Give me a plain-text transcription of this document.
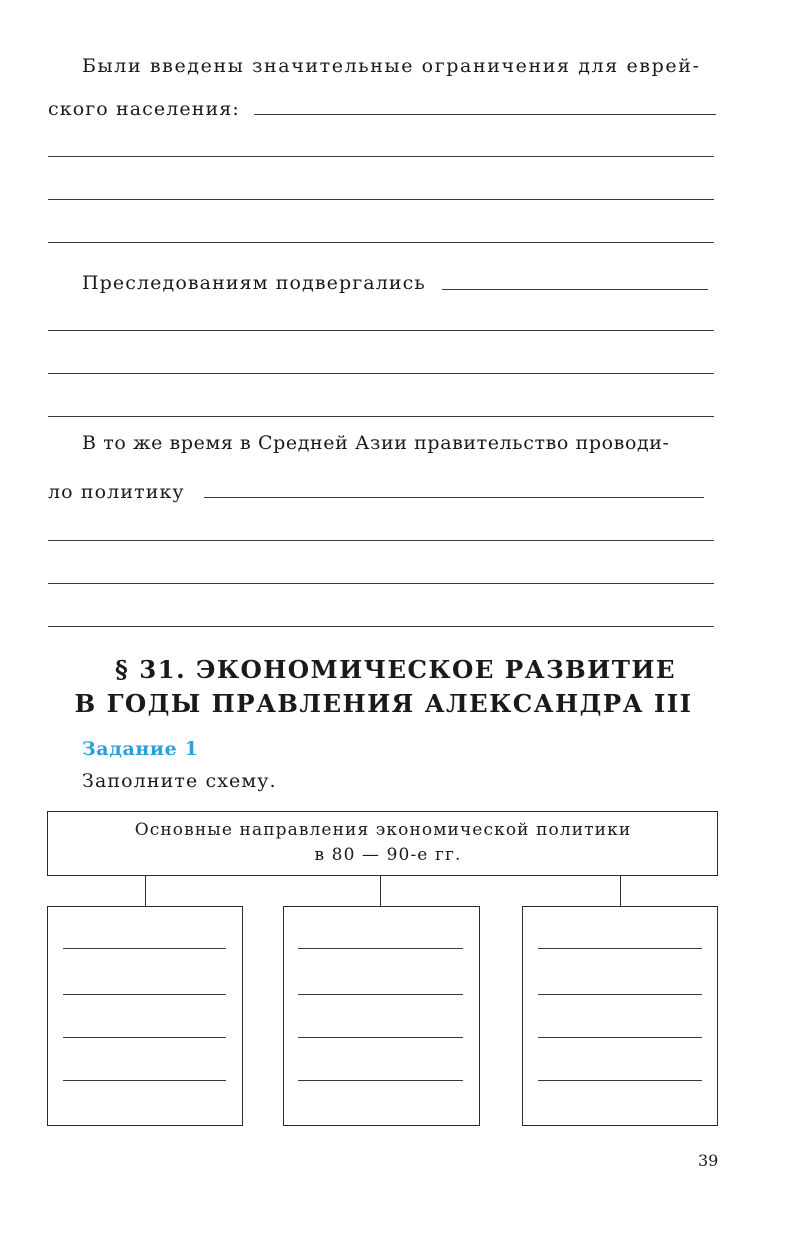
Были введены значительные ограничения для еврей-
ского населения:
Преследованиям подвергались
В то же время в Средней Азии правительство проводи-
ло политику
§ 31. ЭКОНОМИЧЕСКОЕ РАЗВИТИЕ
В ГОДЫ ПРАВЛЕНИЯ АЛЕКСАНДРА III
Задание 1
Заполните схему.
Основные направления экономической политики
в 80 — 90-е гг.
39
